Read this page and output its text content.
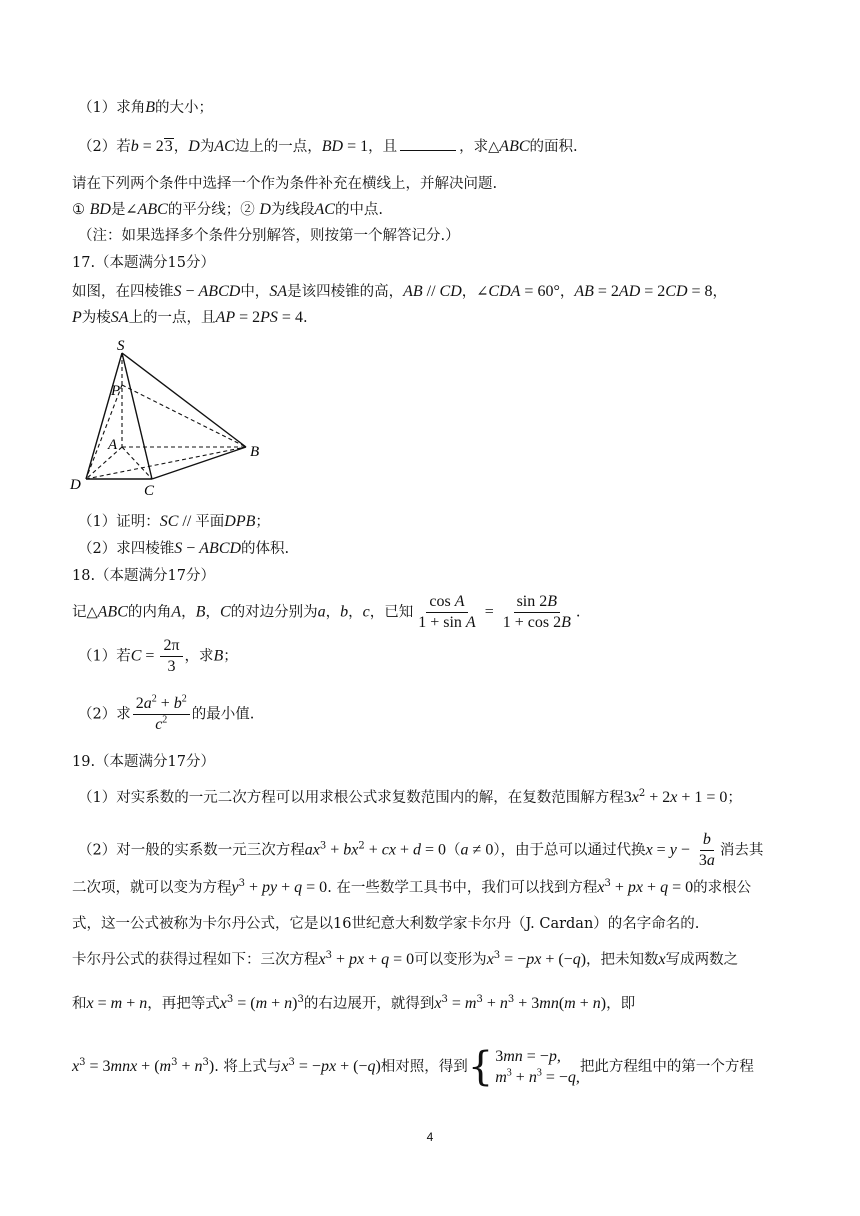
（1）求角B的大小；
（2）若b = 23，D为AC边上的一点，BD = 1，且	，求△ABC的面积.
请在下列两个条件中选择一个作为条件补充在横线上，并解决问题.
① BD是∠ABC的平分线；② D为线段AC的中点.
（注：如果选择多个条件分别解答，则按第一个解答记分.）
17.（本题满分15分）
如图，在四棱锥S − ABCD中，SA是该四棱锥的高，AB // CD，∠CDA = 60°，AB = 2AD = 2CD = 8，
P为棱SA上的一点，且AP = 2PS = 4.
S
P
A	B
D	C
（1）证明：SC // 平面DPB；
（2）求四棱锥S − ABCD的体积.
18.（本题满分17分）
记△ABC的内角A，B，C的对边分别为a，b，c，已知 $\frac{\text{cos A}}{\text{1 + sin A}} = \frac{\sin 2B}{1 + \cos 2B}$ .
（1）若$C = \frac{2\pi}{3}$ ，求B；
（2）求 $\frac{2a^2 + b^2}{c^2}$ 的最小值.
19.（本题满分17分）
（1）对实系数的一元二次方程可以用求根公式求复数范围内的解，在复数范围解方程$3x^2 + 2x + 1 = 0$；
（2）对一般的实系数一元三次方程$ax^3 + bx^2$ + cx + d = 0（a ≠ 0），由于总可以通过代换$x = y - \frac{b}{3a}$ 消去其
二次项，就可以变为方程$y^3$ + py + q = 0. 在一些数学工具书中，我们可以找到方程$x^3$ + px + q = 0的求根公
式，这一公式被称为卡尔丹公式，它是以16世纪意大利数学家卡尔丹（J. Cardan）的名字命名的.
卡尔丹公式的获得过程如下：三次方程$x^3$ + px + q = 0可以变形为$x^3 = -px + (-q)$，把未知数x写成两数之
和x = m + n，再把等式$x^3 = (m + n)^3$的右边展开，就得到$x^3 = m^3 + n^3 + 3mn(m + n)$，即
$x^3 = 3mnx + (m^3 + n^3)$. 将上式与$x^3 = -px + (-q)$相对照，得到 { 3mn = −p,
$m^3 + n^3 = -q$,
把此方程组中的第一个方程
4
